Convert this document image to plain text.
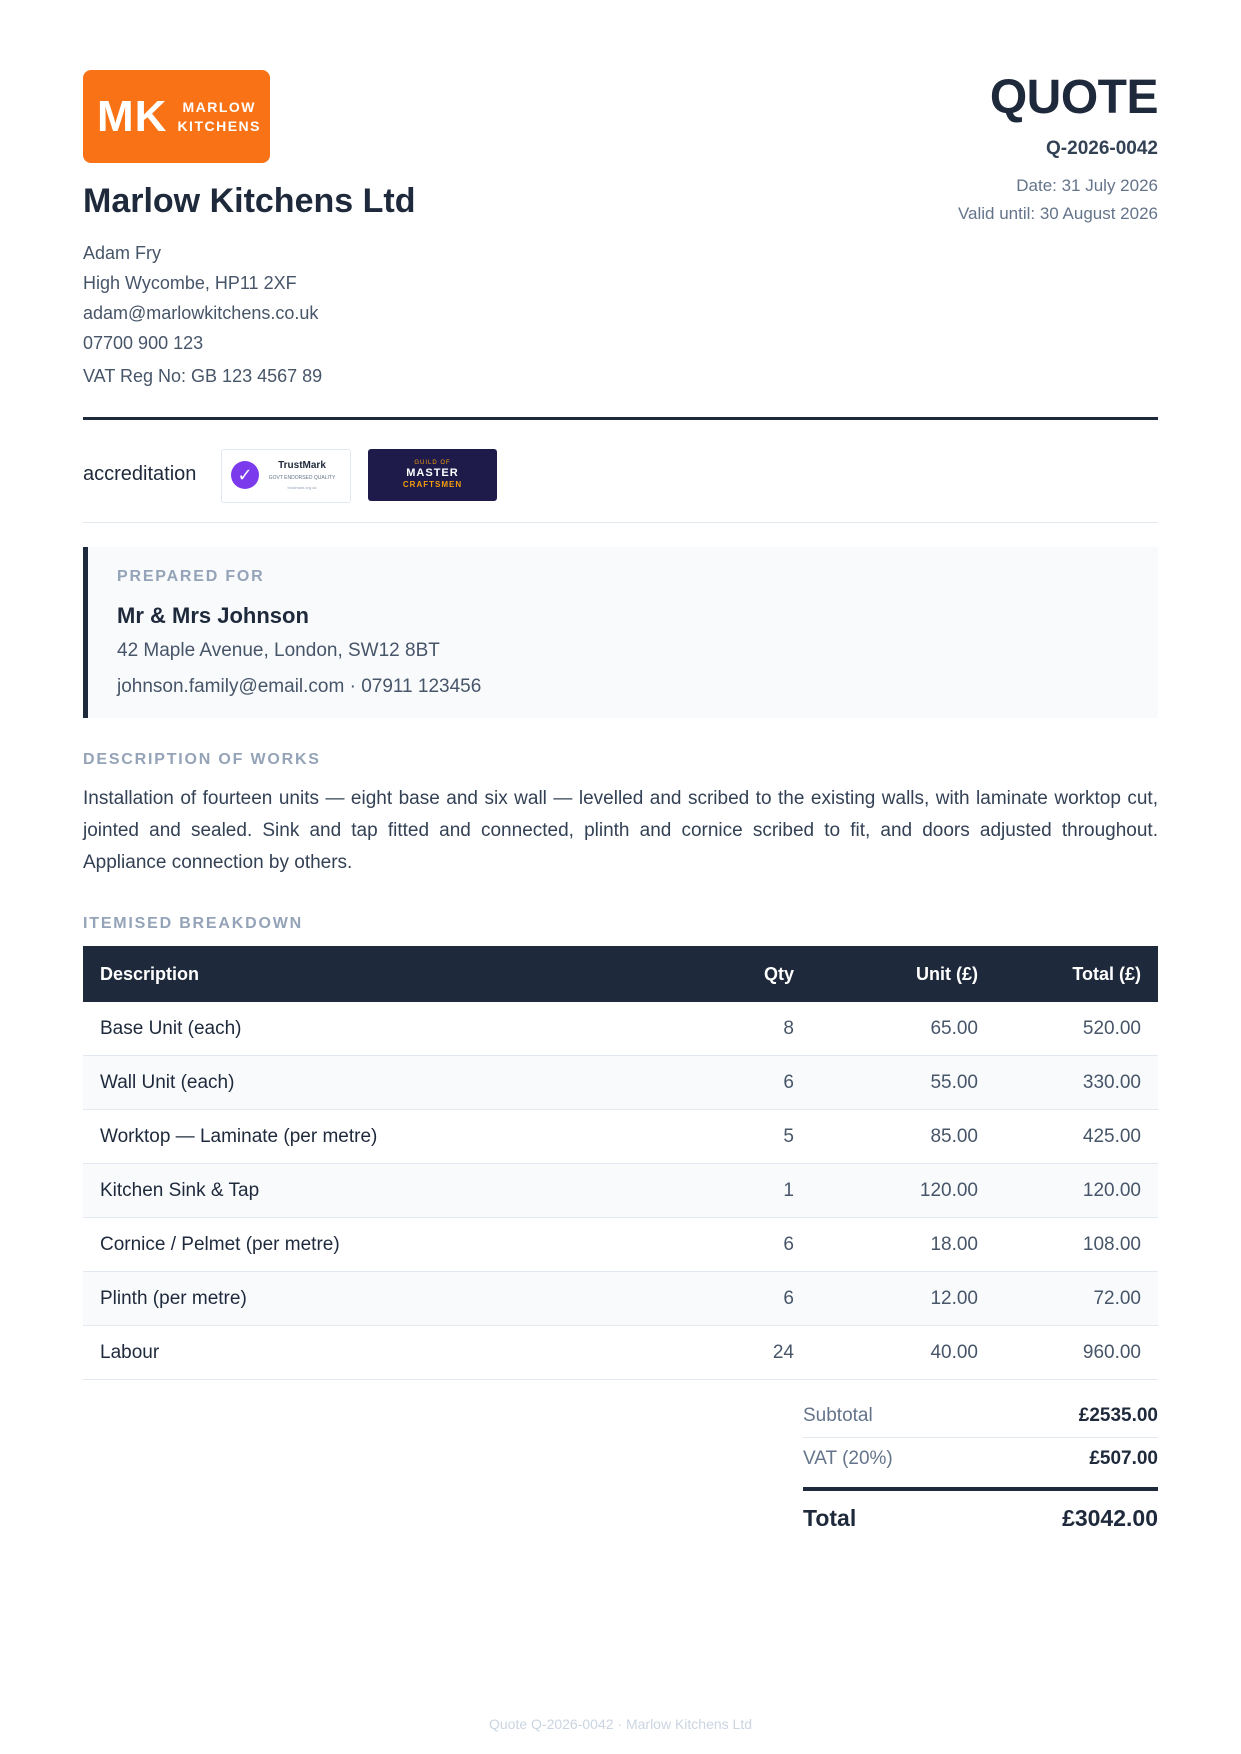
MK	MARLOW
KITCHENS
Marlow Kitchens Ltd
Adam Fry
High Wycombe, HP11 2XF
adam@marlowkitchens.co.uk
07700 900 123
VAT Reg No: GB 123 4567 89
QUOTE
Q-2026-0042
Date: 31 July 2026
Valid until: 30 August 2026
accreditation	✓	TrustMark
GOVT ENDORSED QUALITY
trustmark.org.uk
GUILD OF
MASTER
CRAFTSMEN
PREPARED FOR
Mr & Mrs Johnson
42 Maple Avenue, London, SW12 8BT
johnson.family@email.com · 07911 123456
DESCRIPTION OF WORKS

Installation of fourteen units — eight base and six wall — levelled and scribed to the existing walls, with laminate worktop cut, jointed and sealed. Sink and tap fitted and connected, plinth and cornice scribed to fit, and doors adjusted throughout. Appliance connection by others.

ITEMISED BREAKDOWN
Description	Qty	Unit (£)	Total (£)
Base Unit (each)	8	65.00	520.00
Wall Unit (each)	6	55.00	330.00
Worktop — Laminate (per metre)	5	85.00	425.00
Kitchen Sink & Tap	1	120.00	120.00
Cornice / Pelmet (per metre)	6	18.00	108.00
Plinth (per metre)	6	12.00	72.00
Labour	24	40.00	960.00
Subtotal	£2535.00
VAT (20%)	£507.00
Total	£3042.00
Quote Q-2026-0042 · Marlow Kitchens Ltd
